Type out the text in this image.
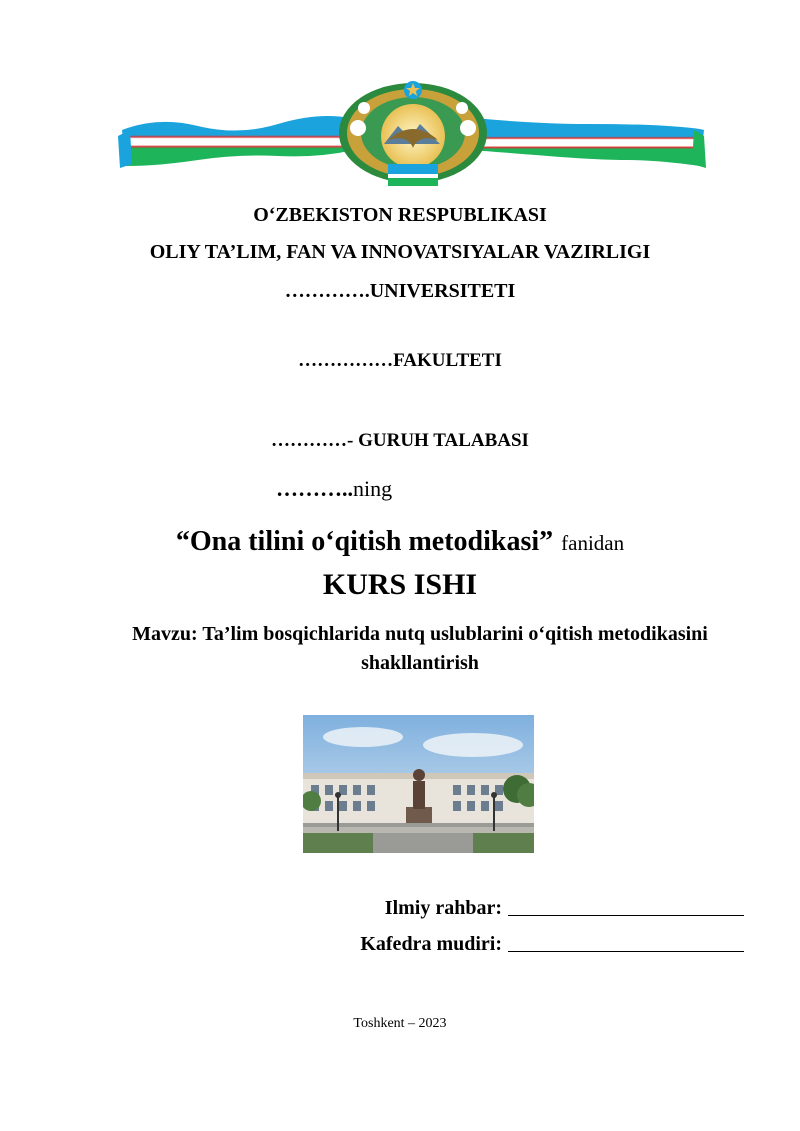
O‘ZBEKISTON RESPUBLIKASI
OLIY TA’LIM, FAN VA INNOVATSIYALAR VAZIRLIGI
………….UNIVERSITETI
……………FAKULTETI
…………- GURUH TALABASI
………..ning
“Ona tilini o‘qitish metodikasi” fanidan
KURS ISHI
Mavzu: Ta’lim bosqichlarida nutq uslublarini o‘qitish metodikasini
shakllantirish
Ilmiy rahbar:
Kafedra mudiri:
Toshkent – 2023
